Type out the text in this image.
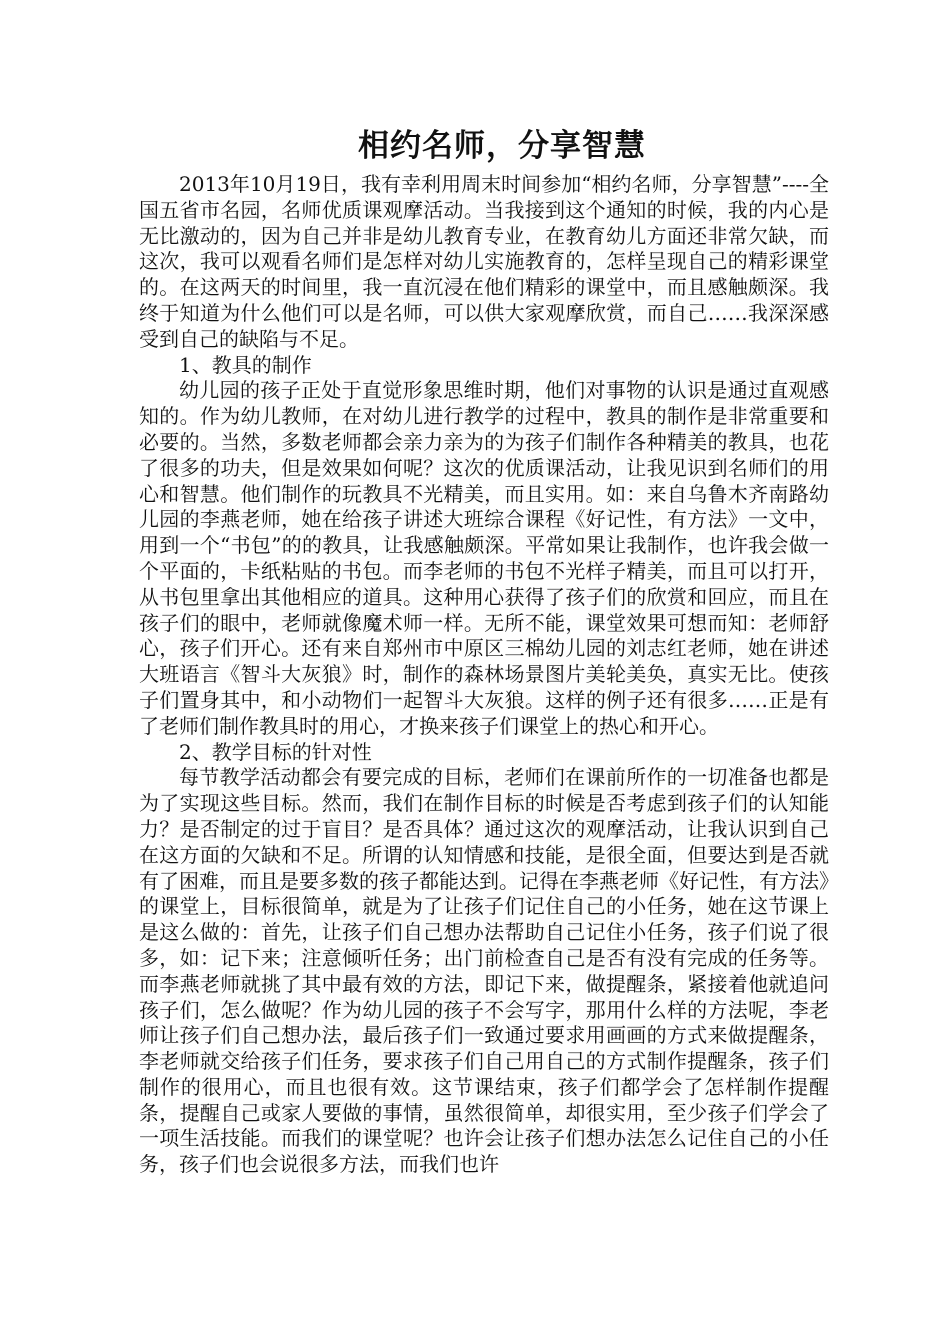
相约名师，分享智慧

2013年10月19日，我有幸利用周末时间参加“相约名师，分享智慧”----全国五省市名园，名师优质课观摩活动。当我接到这个通知的时候，我的内心是无比激动的，因为自己并非是幼儿教育专业，在教育幼儿方面还非常欠缺，而这次，我可以观看名师们是怎样对幼儿实施教育的，怎样呈现自己的精彩课堂的。在这两天的时间里，我一直沉浸在他们精彩的课堂中，而且感触颇深。我终于知道为什么他们可以是名师，可以供大家观摩欣赏，而自己……我深深感受到自己的缺陷与不足。

1、教具的制作

幼儿园的孩子正处于直觉形象思维时期，他们对事物的认识是通过直观感知的。作为幼儿教师，在对幼儿进行教学的过程中，教具的制作是非常重要和必要的。当然，多数老师都会亲力亲为的为孩子们制作各种精美的教具，也花了很多的功夫，但是效果如何呢？这次的优质课活动，让我见识到名师们的用心和智慧。他们制作的玩教具不光精美，而且实用。如：来自乌鲁木齐南路幼儿园的李燕老师，她在给孩子讲述大班综合课程《好记性，有方法》一文中，用到一个“书包”的的教具，让我感触颇深。平常如果让我制作，也许我会做一个平面的，卡纸粘贴的书包。而李老师的书包不光样子精美，而且可以打开，从书包里拿出其他相应的道具。这种用心获得了孩子们的欣赏和回应，而且在孩子们的眼中，老师就像魔术师一样。无所不能，课堂效果可想而知：老师舒心，孩子们开心。还有来自郑州市中原区三棉幼儿园的刘志红老师，她在讲述大班语言《智斗大灰狼》时，制作的森林场景图片美轮美奂，真实无比。使孩子们置身其中，和小动物们一起智斗大灰狼。这样的例子还有很多……正是有了老师们制作教具时的用心，才换来孩子们课堂上的热心和开心。

2、教学目标的针对性

每节教学活动都会有要完成的目标，老师们在课前所作的一切准备也都是为了实现这些目标。然而，我们在制作目标的时候是否考虑到孩子们的认知能力？是否制定的过于盲目？是否具体？通过这次的观摩活动，让我认识到自己在这方面的欠缺和不足。所谓的认知情感和技能，是很全面，但要达到是否就有了困难，而且是要多数的孩子都能达到。记得在李燕老师《好记性，有方法》的课堂上，目标很简单，就是为了让孩子们记住自己的小任务，她在这节课上是这么做的：首先，让孩子们自己想办法帮助自己记住小任务，孩子们说了很多，如：记下来；注意倾听任务；出门前检查自己是否有没有完成的任务等。而李燕老师就挑了其中最有效的方法，即记下来，做提醒条，紧接着他就追问孩子们，怎么做呢？作为幼儿园的孩子不会写字，那用什么样的方法呢，李老师让孩子们自己想办法，最后孩子们一致通过要求用画画的方式来做提醒条，李老师就交给孩子们任务，要求孩子们自己用自己的方式制作提醒条，孩子们制作的很用心，而且也很有效。这节课结束，孩子们都学会了怎样制作提醒条，提醒自己或家人要做的事情，虽然很简单，却很实用，至少孩子们学会了一项生活技能。而我们的课堂呢？也许会让孩子们想办法怎么记住自己的小任务，孩子们也会说很多方法，而我们也许
